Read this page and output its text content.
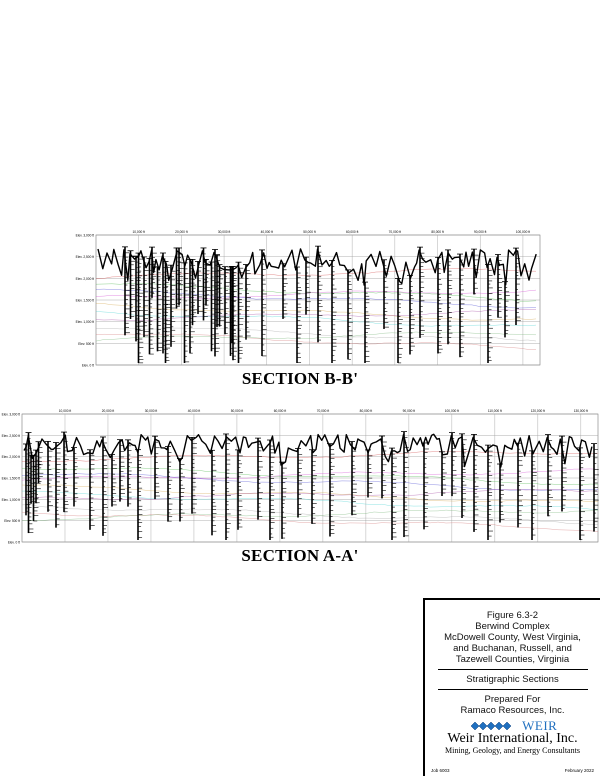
Elev. 3,000 ft
Elev. 2,500 ft
Elev. 2,000 ft
Elev. 1,500 ft
Elev. 1,000 ft
Elev. 500 ft
Elev. 0 ft
10,000 ft	20,000 ft	30,000 ft	40,000 ft	50,000 ft	60,000 ft	70,000 ft	80,000 ft	90,000 ft	100,000 ft
SECTION B-B'
Elev. 3,000 ft
Elev. 2,500 ft
Elev. 2,000 ft
Elev. 1,500 ft
Elev. 1,000 ft
Elev. 500 ft
Elev. 0 ft
10,000 ft	20,000 ft	30,000 ft	40,000 ft	50,000 ft	60,000 ft	70,000 ft	80,000 ft	90,000 ft	100,000 ft	110,000 ft	120,000 ft	130,000 ft
SECTION A-A'
Figure 6.3-2
Berwind Complex
McDowell County, West Virginia,
and Buchanan, Russell, and
Tazewell Counties, Virginia
Stratigraphic Sections
Prepared For
Ramaco Resources, Inc.
WEIR
Weir International, Inc.
Mining, Geology, and Energy Consultants
Job 6003	February 2022
